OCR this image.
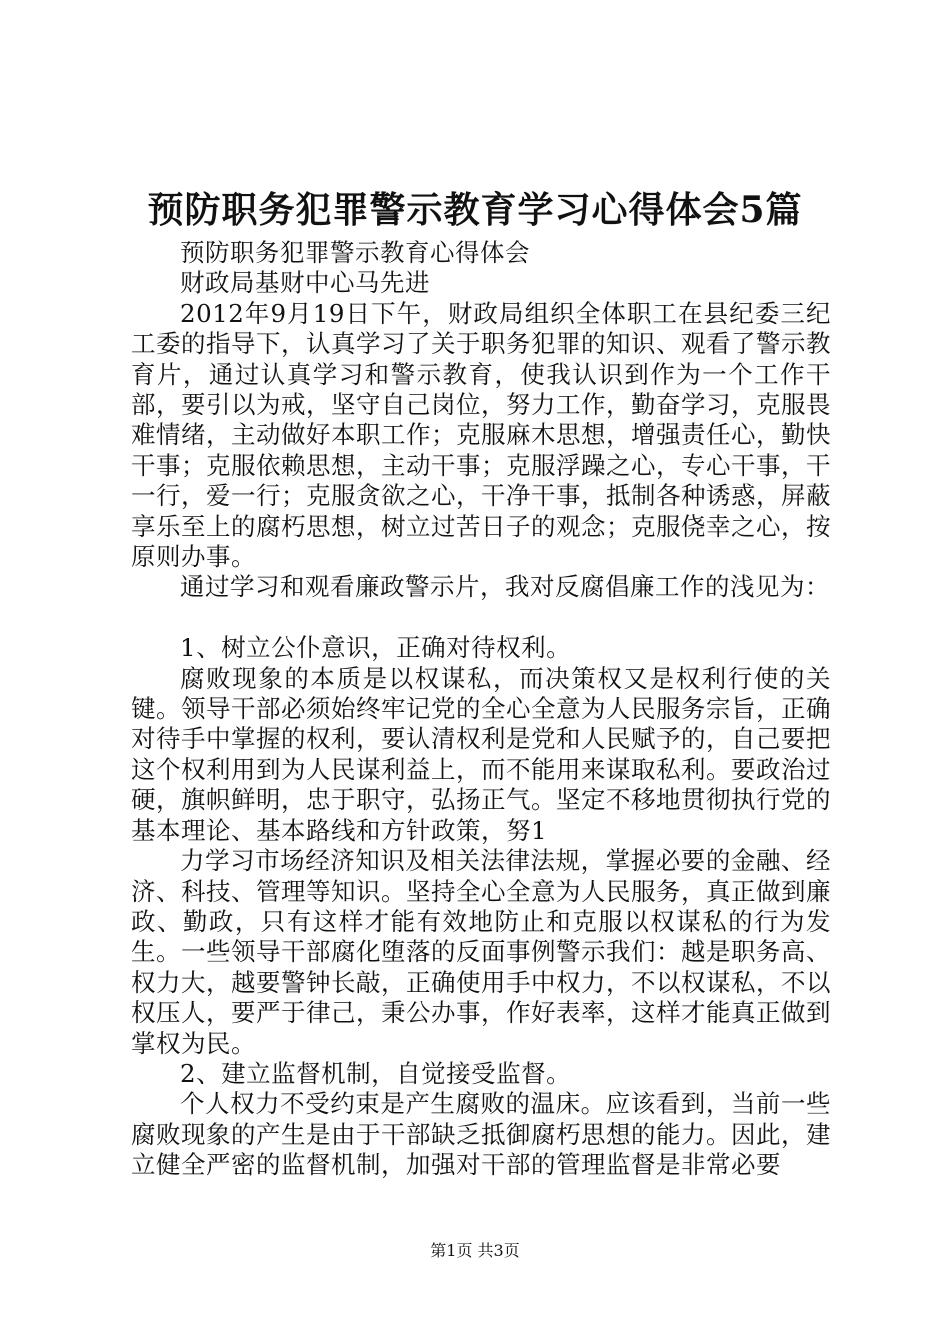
预防职务犯罪警示教育学习心得体会5篇

预防职务犯罪警示教育心得体会

财政局基财中心马先进

2012年9月19日下午，财政局组织全体职工在县纪委三纪工委的指导下，认真学习了关于职务犯罪的知识、观看了警示教育片，通过认真学习和警示教育，使我认识到作为一个工作干部，要引以为戒，坚守自己岗位，努力工作，勤奋学习，克服畏难情绪，主动做好本职工作；克服麻木思想，增强责任心，勤快干事；克服依赖思想，主动干事；克服浮躁之心，专心干事，干一行，爱一行；克服贪欲之心，干净干事，抵制各种诱惑，屏蔽享乐至上的腐朽思想，树立过苦日子的观念；克服侥幸之心，按原则办事。

通过学习和观看廉政警示片，我对反腐倡廉工作的浅见为：

1、树立公仆意识，正确对待权利。

腐败现象的本质是以权谋私，而决策权又是权利行使的关键。领导干部必须始终牢记党的全心全意为人民服务宗旨，正确对待手中掌握的权利，要认清权利是党和人民赋予的，自己要把这个权利用到为人民谋利益上，而不能用来谋取私利。要政治过硬，旗帜鲜明，忠于职守，弘扬正气。坚定不移地贯彻执行党的基本理论、基本路线和方针政策，努1

力学习市场经济知识及相关法律法规，掌握必要的金融、经济、科技、管理等知识。坚持全心全意为人民服务，真正做到廉政、勤政，只有这样才能有效地防止和克服以权谋私的行为发生。一些领导干部腐化堕落的反面事例警示我们：越是职务高、权力大，越要警钟长敲，正确使用手中权力，不以权谋私，不以权压人，要严于律己，秉公办事，作好表率，这样才能真正做到掌权为民。

2、建立监督机制，自觉接受监督。

个人权力不受约束是产生腐败的温床。应该看到，当前一些腐败现象的产生是由于干部缺乏抵御腐朽思想的能力。因此，建立健全严密的监督机制，加强对干部的管理监督是非常必要

第1页 共3页
